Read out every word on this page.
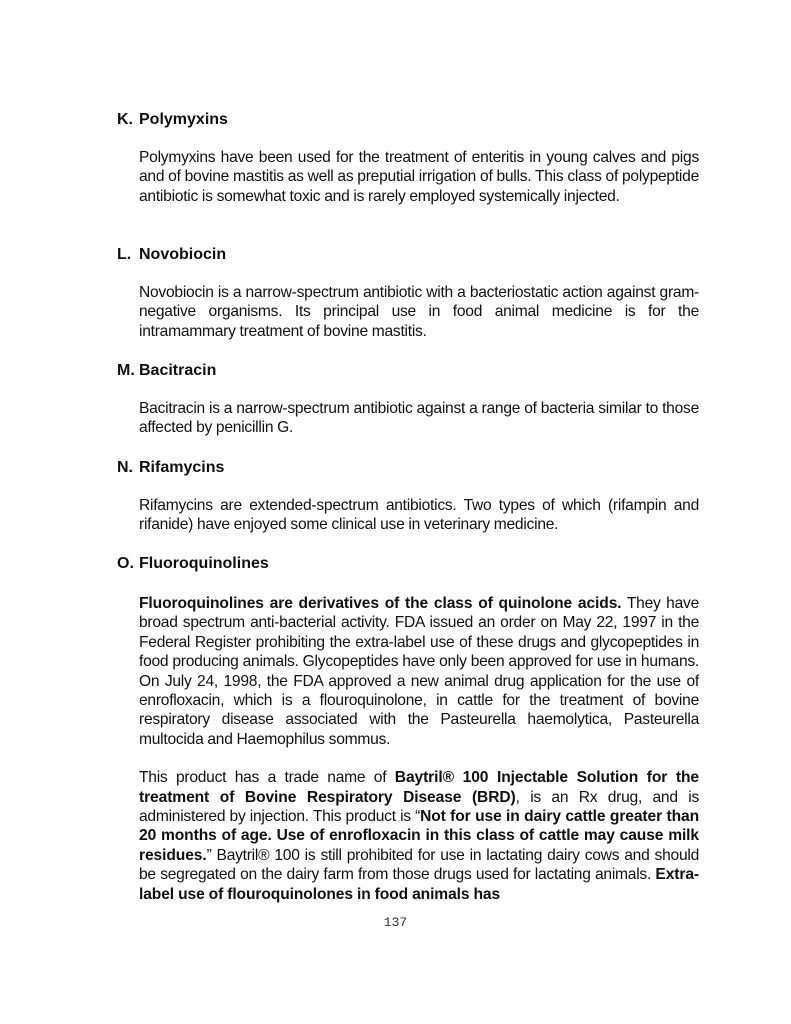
K. Polymyxins

Polymyxins have been used for the treatment of enteritis in young calves and pigs and of bovine mastitis as well as preputial irrigation of bulls. This class of polypeptide antibiotic is somewhat toxic and is rarely employed systemically injected.

L. Novobiocin

Novobiocin is a narrow-spectrum antibiotic with a bacteriostatic action against gram-negative organisms. Its principal use in food animal medicine is for the intramammary treatment of bovine mastitis.

M. Bacitracin

Bacitracin is a narrow-spectrum antibiotic against a range of bacteria similar to those affected by penicillin G.

N. Rifamycins

Rifamycins are extended-spectrum antibiotics. Two types of which (rifampin and rifanide) have enjoyed some clinical use in veterinary medicine.

O. Fluoroquinolines

Fluoroquinolines are derivatives of the class of quinolone acids. They have broad spectrum anti-bacterial activity. FDA issued an order on May 22, 1997 in the Federal Register prohibiting the extra-label use of these drugs and glycopeptides in food producing animals. Glycopeptides have only been approved for use in humans. On July 24, 1998, the FDA approved a new animal drug application for the use of enrofloxacin, which is a flouroquinolone, in cattle for the treatment of bovine respiratory disease associated with the Pasteurella haemolytica, Pasteurella multocida and Haemophilus sommus.

This product has a trade name of Baytril® 100 Injectable Solution for the treatment of Bovine Respiratory Disease (BRD), is an Rx drug, and is administered by injection. This product is “Not for use in dairy cattle greater than 20 months of age. Use of enrofloxacin in this class of cattle may cause milk residues.” Baytril® 100 is still prohibited for use in lactating dairy cows and should be segregated on the dairy farm from those drugs used for lactating animals. Extra-label use of flouroquinolones in food animals has

137
